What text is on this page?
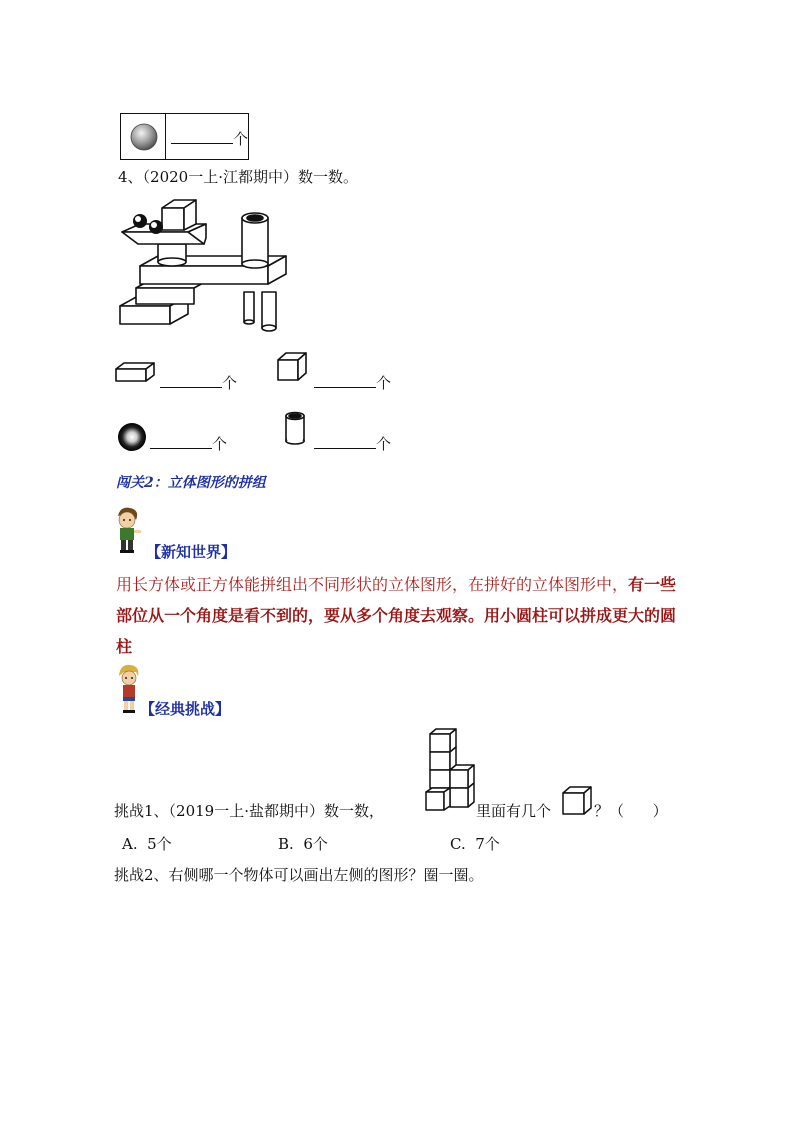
个
4、（2020一上·江都期中）数一数。
个	个
个	个
闯关2：立体图形的拼组
【新知世界】
用长方体或正方体能拼组出不同形状的立体图形，在拼好的立体图形中，有一些
部位从一个角度是看不到的，要从多个角度去观察。用小圆柱可以拼成更大的圆
柱
【经典挑战】
挑战1、（2019一上·盐都期中）数一数，	里面有几个	？（      ）
A.  5个	B.  6个	C.  7个
挑战2、右侧哪一个物体可以画出左侧的图形？圈一圈。
